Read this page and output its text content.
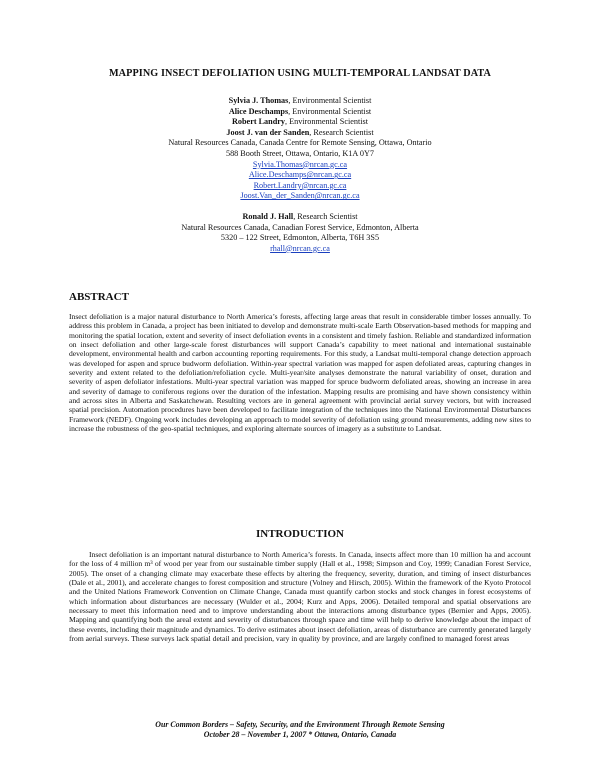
MAPPING INSECT DEFOLIATION USING MULTI-TEMPORAL LANDSAT DATA
Sylvia J. Thomas, Environmental Scientist
Alice Deschamps, Environmental Scientist
Robert Landry, Environmental Scientist
Joost J. van der Sanden, Research Scientist
Natural Resources Canada, Canada Centre for Remote Sensing, Ottawa, Ontario
588 Booth Street, Ottawa, Ontario, K1A 0Y7
Sylvia.Thomas@nrcan.gc.ca
Alice.Deschamps@nrcan.gc.ca
Robert.Landry@nrcan.gc.ca
Joost.Van_der_Sanden@nrcan.gc.ca
Ronald J. Hall, Research Scientist
Natural Resources Canada, Canadian Forest Service, Edmonton, Alberta
5320 – 122 Street, Edmonton, Alberta, T6H 3S5
rhall@nrcan.gc.ca
ABSTRACT
Insect defoliation is a major natural disturbance to North America’s forests, affecting large areas that result in considerable timber losses annually. To address this problem in Canada, a project has been initiated to develop and demonstrate multi-scale Earth Observation-based methods for mapping and monitoring the spatial location, extent and severity of insect defoliation events in a consistent and timely fashion. Reliable and standardized information on insect defoliation and other large-scale forest disturbances will support Canada’s capability to meet national and international sustainable development, environmental health and carbon accounting reporting requirements. For this study, a Landsat multi-temporal change detection approach was developed for aspen and spruce budworm defoliation. Within-year spectral variation was mapped for aspen defoliated areas, capturing changes in severity and extent related to the defoliation/refoliation cycle. Multi-year/site analyses demonstrate the natural variability of onset, duration and severity of aspen defoliator infestations. Multi-year spectral variation was mapped for spruce budworm defoliated areas, showing an increase in area and severity of damage to coniferous regions over the duration of the infestation. Mapping results are promising and have shown consistency within and across sites in Alberta and Saskatchewan. Resulting vectors are in general agreement with provincial aerial survey vectors, but with increased spatial precision. Automation procedures have been developed to facilitate integration of the techniques into the National Environmental Disturbances Framework (NEDF). Ongoing work includes developing an approach to model severity of defoliation using ground measurements, adding new sites to increase the robustness of the geo-spatial techniques, and exploring alternate sources of imagery as a substitute to Landsat.
INTRODUCTION
Insect defoliation is an important natural disturbance to North America’s forests. In Canada, insects affect more than 10 million ha and account for the loss of 4 million m³ of wood per year from our sustainable timber supply (Hall et al., 1998; Simpson and Coy, 1999; Canadian Forest Service, 2005). The onset of a changing climate may exacerbate these effects by altering the frequency, severity, duration, and timing of insect disturbances (Dale et al., 2001), and accelerate changes to forest composition and structure (Volney and Hirsch, 2005). Within the framework of the Kyoto Protocol and the United Nations Framework Convention on Climate Change, Canada must quantify carbon stocks and stock changes in forest ecosystems of which information about disturbances are necessary (Wulder et al., 2004; Kurz and Apps, 2006). Detailed temporal and spatial observations are necessary to meet this information need and to improve understanding about the interactions among disturbance types (Bernier and Apps, 2005). Mapping and quantifying both the areal extent and severity of disturbances through space and time will help to derive knowledge about the impact of these events, including their magnitude and dynamics. To derive estimates about insect defoliation, areas of disturbance are currently generated largely from aerial surveys. These surveys lack spatial detail and precision, vary in quality by province, and are largely confined to managed forest areas
Our Common Borders – Safety, Security, and the Environment Through Remote Sensing
October 28 – November 1, 2007 * Ottawa, Ontario, Canada
